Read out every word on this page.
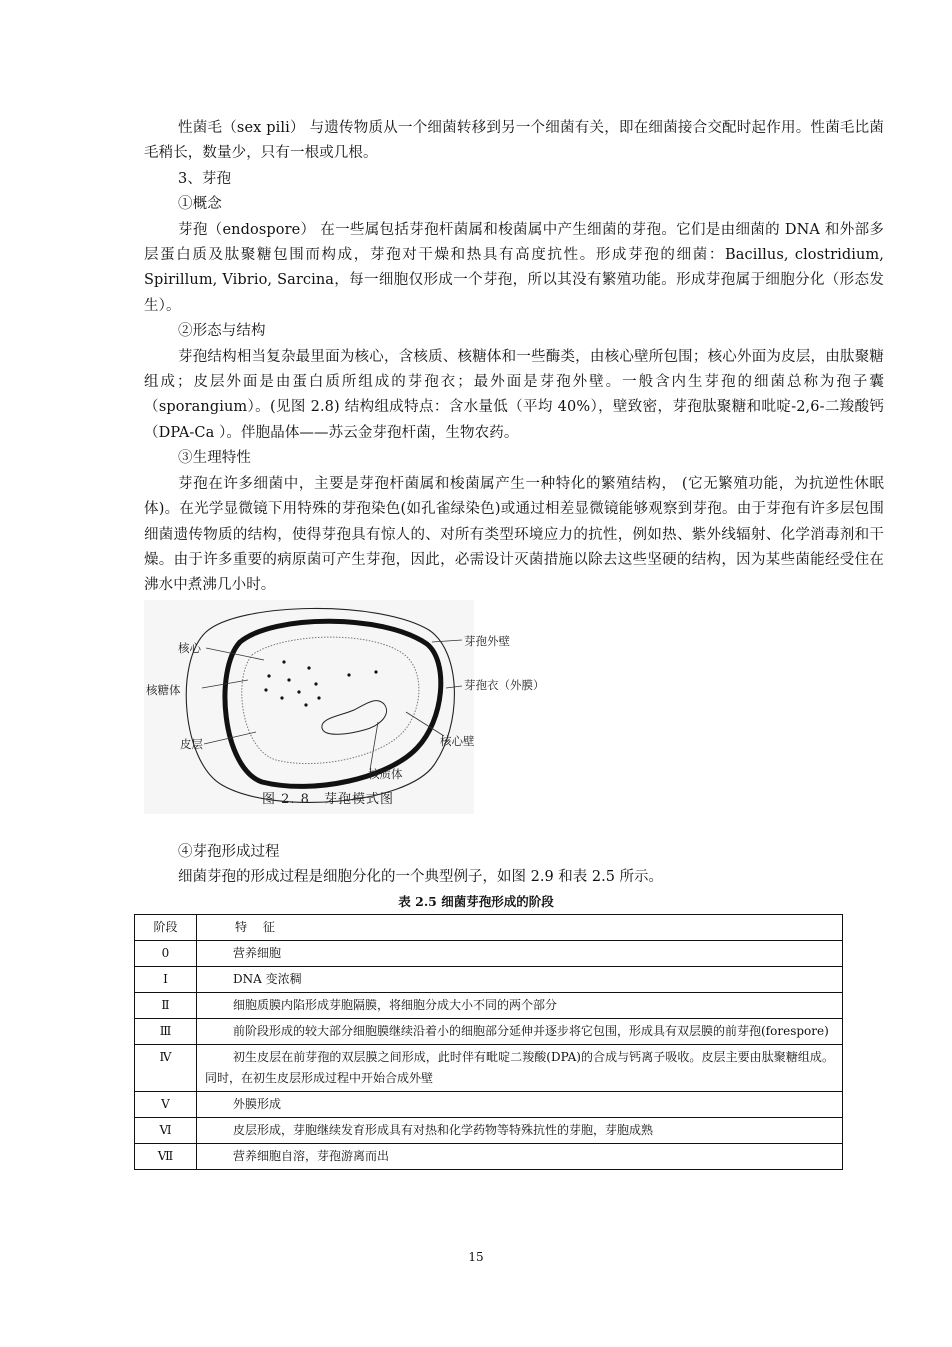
性菌毛（sex pili） 与遗传物质从一个细菌转移到另一个细菌有关，即在细菌接合交配时起作用。性菌毛比菌毛稍长，数量少，只有一根或几根。

3、芽孢

①概念

芽孢（endospore） 在一些属包括芽孢杆菌属和梭菌属中产生细菌的芽孢。它们是由细菌的 DNA 和外部多层蛋白质及肽聚糖包围而构成，芽孢对干燥和热具有高度抗性。形成芽孢的细菌：Bacillus, clostridium, Spirillum, Vibrio, Sarcina，每一细胞仅形成一个芽孢，所以其没有繁殖功能。形成芽孢属于细胞分化（形态发生）。

②形态与结构

芽孢结构相当复杂最里面为核心，含核质、核糖体和一些酶类，由核心壁所包围；核心外面为皮层，由肽聚糖组成；皮层外面是由蛋白质所组成的芽孢衣；最外面是芽孢外壁。一般含内生芽孢的细菌总称为孢子囊（sporangium）。(见图 2.8) 结构组成特点：含水量低（平均 40%），壁致密，芽孢肽聚糖和吡啶-2,6-二羧酸钙（DPA-Ca ）。伴胞晶体——苏云金芽孢杆菌，生物农药。

③生理特性

芽孢在许多细菌中，主要是芽孢杆菌属和梭菌属产生一种特化的繁殖结构， (它无繁殖功能，为抗逆性休眠体)。在光学显微镜下用特殊的芽孢染色(如孔雀绿染色)或通过相差显微镜能够观察到芽孢。由于芽孢有许多层包围细菌遗传物质的结构，使得芽孢具有惊人的、对所有类型环境应力的抗性，例如热、紫外线辐射、化学消毒剂和干燥。由于许多重要的病原菌可产生芽孢，因此，必需设计灭菌措施以除去这些坚硬的结构，因为某些菌能经受住在沸水中煮沸几小时。

核心
核糖体
皮层
芽孢外壁
芽孢衣（外膜）
核心壁
核质体
图 2. 8　芽孢模式图

④芽孢形成过程

细菌芽孢的形成过程是细胞分化的一个典型例子，如图 2.9 和表 2.5 所示。

表 2.5 细菌芽孢形成的阶段
阶段	特 征
0	营养细胞
Ⅰ	DNA 变浓稠
Ⅱ	细胞质膜内陷形成芽胞隔膜，将细胞分成大小不同的两个部分
Ⅲ	前阶段形成的较大部分细胞膜继续沿着小的细胞部分延伸并逐步将它包围，形成具有双层膜的前芽孢(forespore)
Ⅳ	初生皮层在前芽孢的双层膜之间形成，此时伴有毗啶二羧酸(DPA)的合成与钙离子吸收。皮层主要由肽聚糖组成。同时，在初生皮层形成过程中开始合成外壁
Ⅴ	外膜形成
Ⅵ	皮层形成，芽胞继续发育形成具有对热和化学药物等特殊抗性的芽胞，芽胞成熟
Ⅶ	营养细胞自溶，芽孢游离而出
15
